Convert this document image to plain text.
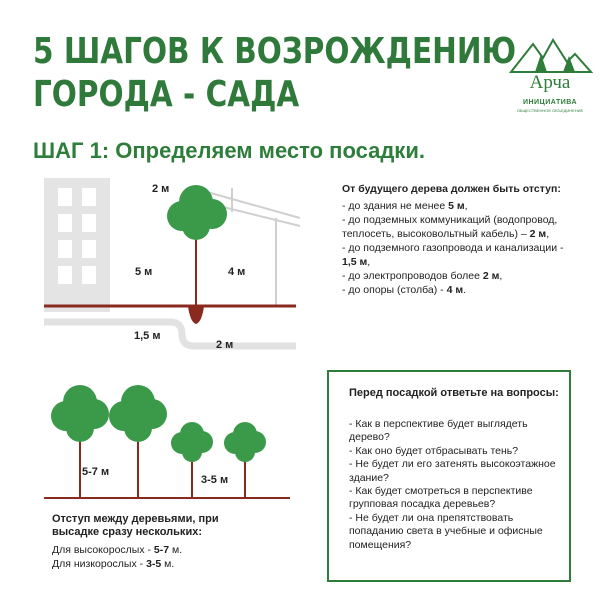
5 ШАГОВ К ВОЗРОЖДЕНИЮ
ГОРОДА - САДА	Арча
ИНИЦИАТИВА
ОБЩЕСТВЕННОЕ ОБЪЕДИНЕНИЕ
ШАГ 1: Определяем место посадки.
2 м
5 м	4 м
1,5 м
2 м
От будущего дерева должен быть отступ:
- до здания не менее 5 м,
- до подземных коммуникаций (водопровод, теплосеть, высоковольтный кабель) – 2 м,
- до подземного газопровода и канализации - 1,5 м,
- до электропроводов более 2 м,
- до опоры (столба) - 4 м.
5-7 м
3-5 м
Отступ между деревьями, при высадке сразу нескольких:
Для высокорослых - 5-7 м.
Для низкорослых - 3-5 м.
Перед посадкой ответьте на вопросы:
- Как в перспективе будет выглядеть дерево?
- Как оно будет отбрасывать тень?
- Не будет ли его затенять высокоэтажное здание?
- Как будет смотреться в перспективе групповая посадка деревьев?
- Не будет ли она препятствовать попаданию света в учебные и офисные помещения?
